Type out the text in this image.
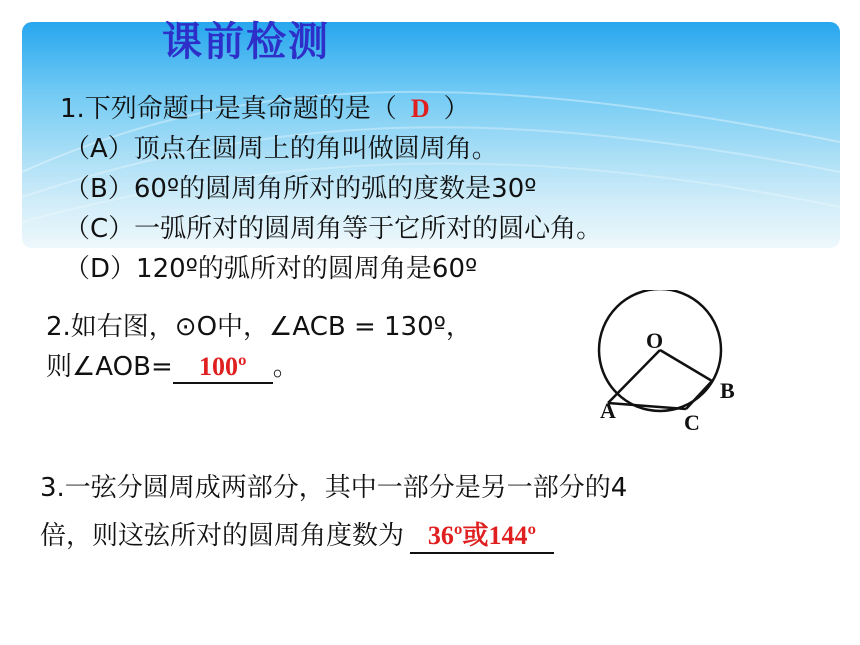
课前检测
1.下列命题中是真命题的是（ D ）
（A）顶点在圆周上的角叫做圆周角。
（B）60º的圆周角所对的弧的度数是30º
（C）一弧所对的圆周角等于它所对的圆心角。
（D）120º的弧所对的圆周角是60º
2.如右图，⊙O中，∠ACB = 130º，
则∠AOB= 100º 。
O
B
A	C
3.一弦分圆周成两部分，其中一部分是另一部分的4
倍，则这弦所对的圆周角度数为 36º或144º
